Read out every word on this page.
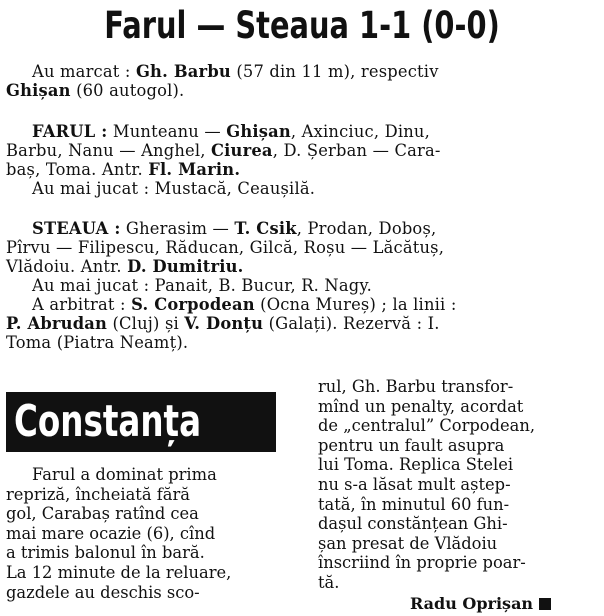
Farul — Steaua 1-1 (0-0)
Au marcat : Gh. Barbu (57 din 11 m), respectiv
Ghișan (60 autogol).
FARUL : Munteanu — Ghișan, Axinciuc, Dinu,
Barbu, Nanu — Anghel, Ciurea, D. Șerban — Cara-
baș, Toma. Antr. Fl. Marin.
Au mai jucat : Mustacă, Ceaușilă.
STEAUA : Gherasim — T. Csik, Prodan, Doboș,
Pîrvu — Filipescu, Răducan, Gilcă, Roșu — Lăcătuș,
Vlădoiu. Antr. D. Dumitriu.
Au mai jucat : Panait, B. Bucur, R. Nagy.
A arbitrat : S. Corpodean (Ocna Mureș) ; la linii :
P. Abrudan (Cluj) și V. Donțu (Galați). Rezervă : I.
Toma (Piatra Neamț).
Constanța
Farul a dominat prima
repriză, încheiată fără
gol, Carabaș ratînd cea
mai mare ocazie (6), cînd
a trimis balonul în bară.
La 12 minute de la reluare,
gazdele au deschis sco-
rul, Gh. Barbu transfor-
mînd un penalty, acordat
de „centralul” Corpodean,
pentru un fault asupra
lui Toma. Replica Stelei
nu s-a lăsat mult aștep-
tată, în minutul 60 fun-
dașul constănțean Ghi-
șan presat de Vlădoiu
înscriind în proprie poar-
tă.
Radu Oprișan
